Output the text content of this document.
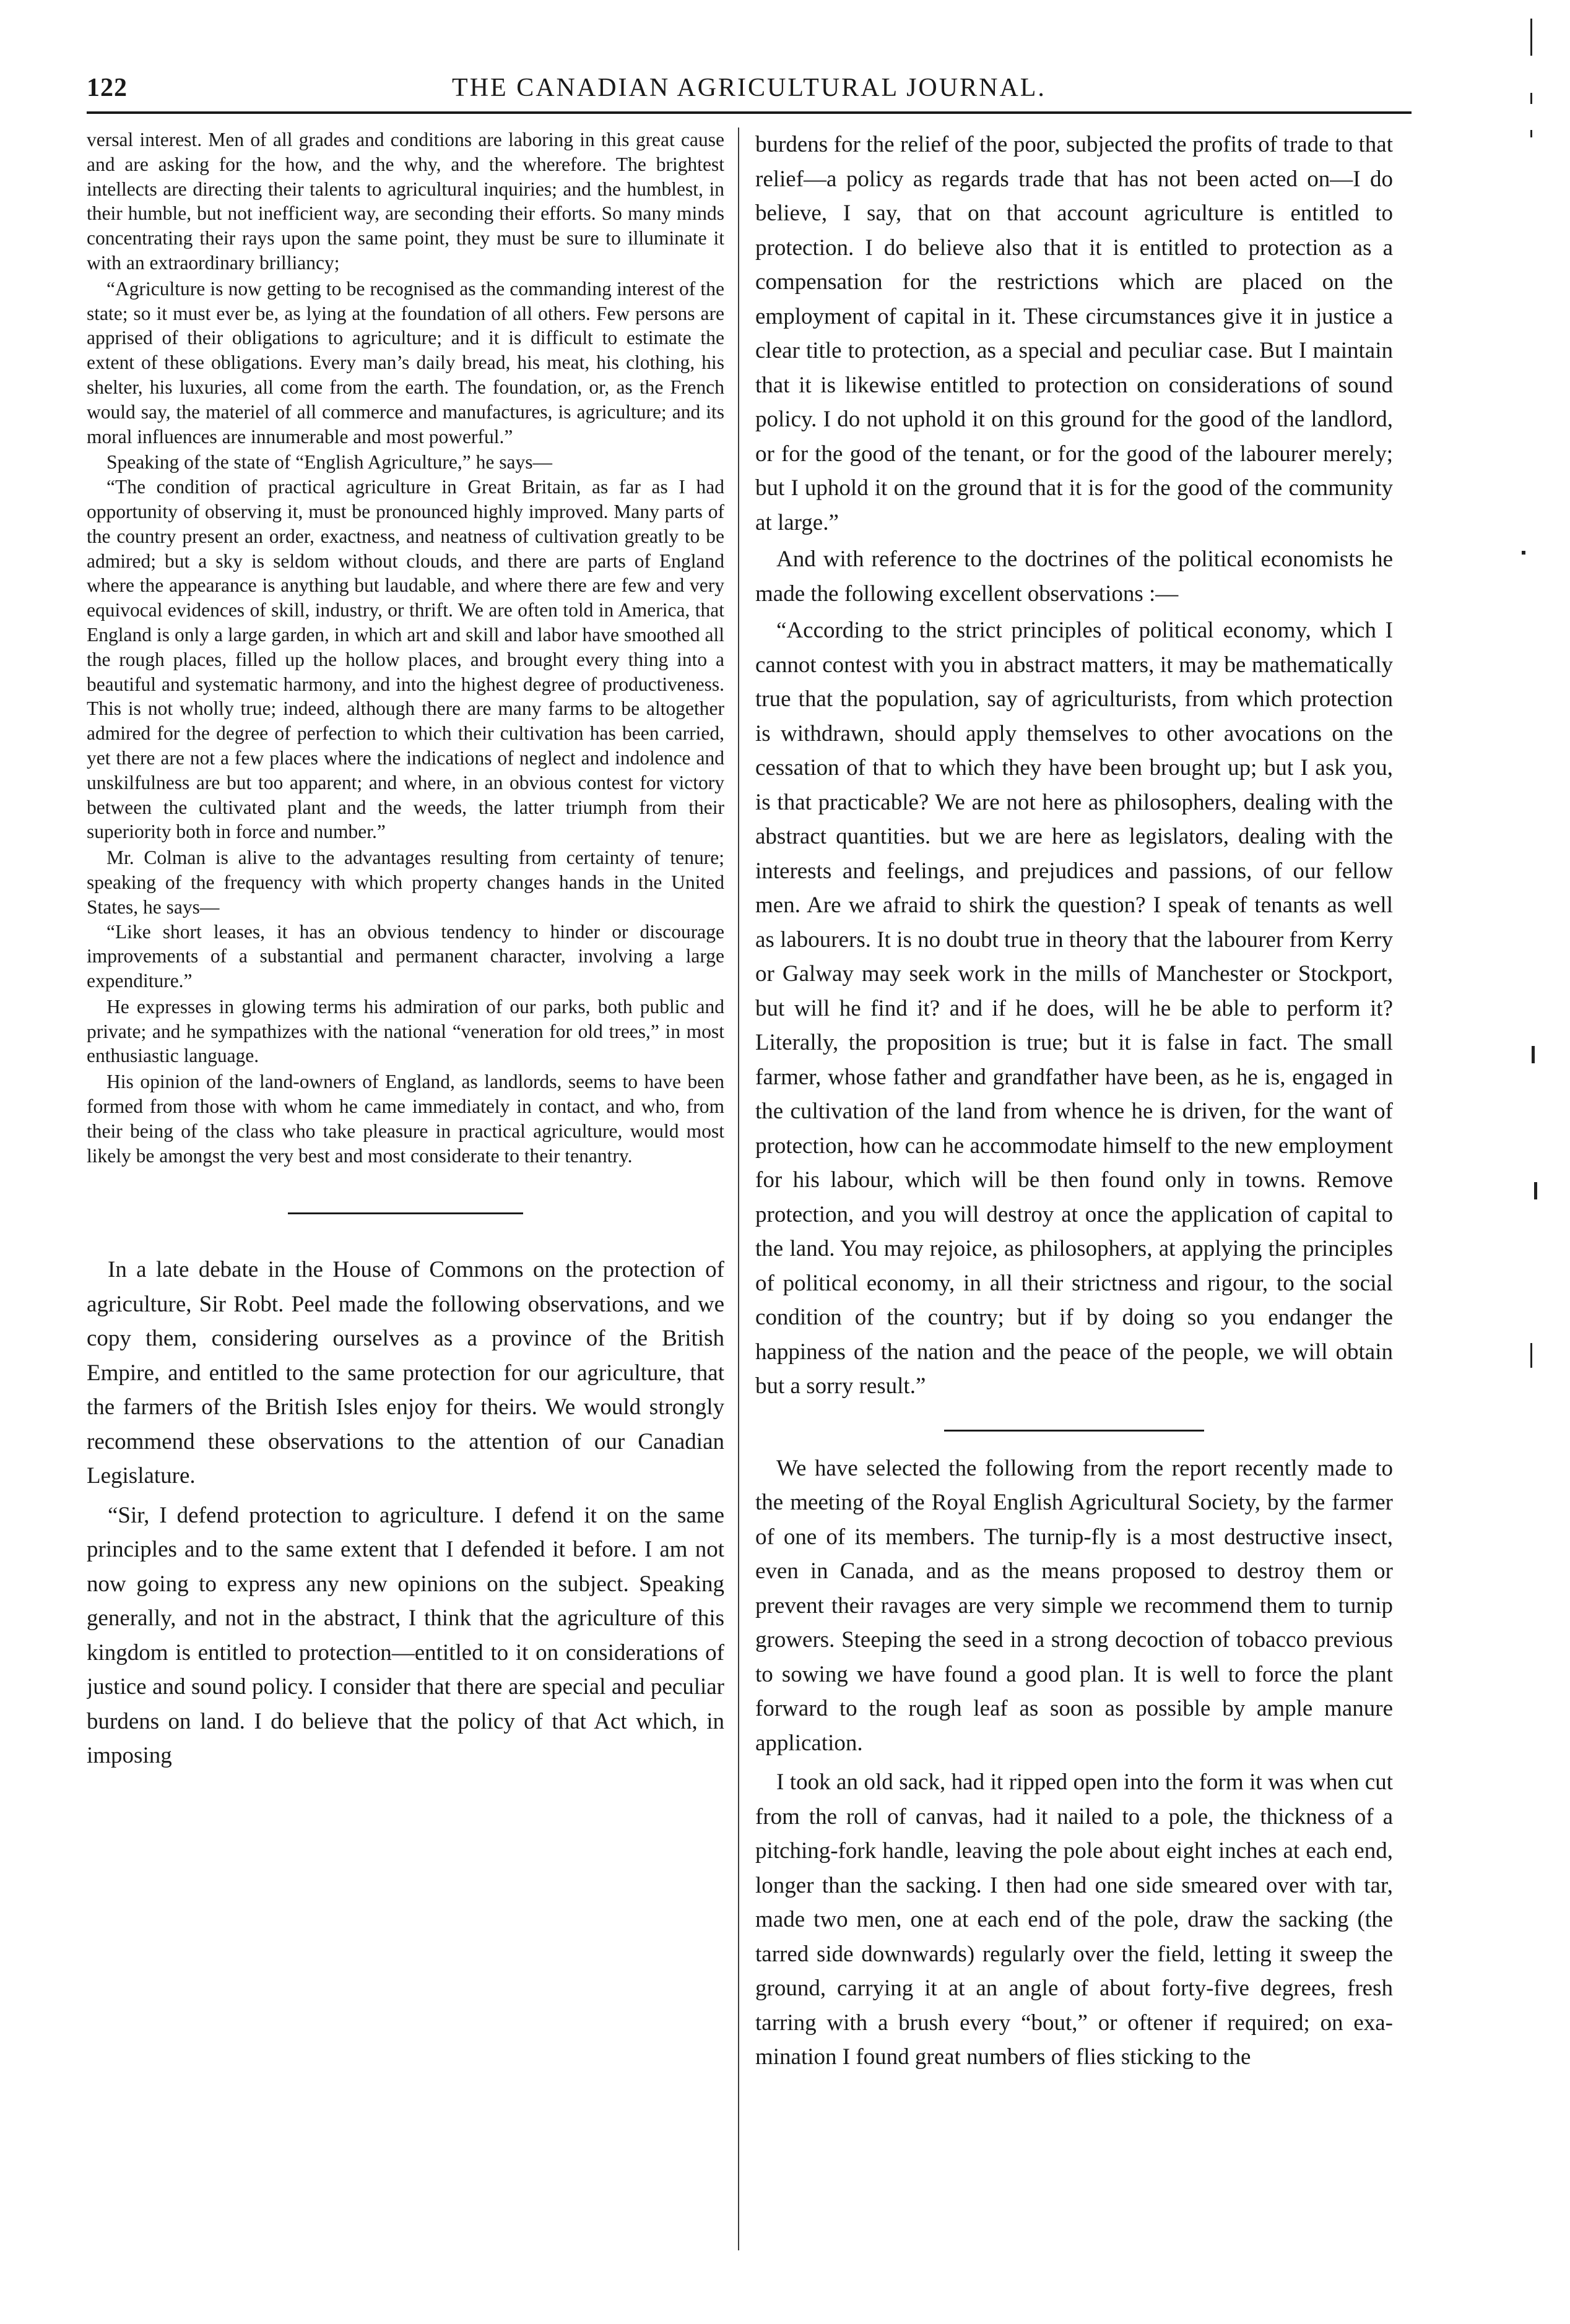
122	THE CANADIAN AGRICULTURAL JOURNAL.

versal interest. Men of all grades and conditions are laboring in this great cause and are asking for the how, and the why, and the wherefore. The brightest intellects are directing their talents to agricultural inquiries; and the humblest, in their humble, but not inefficient way, are seconding their efforts. So many minds concentrating their rays upon the same point, they must be sure to illuminate it with an extraordinary brilliancy;

“Agriculture is now getting to be recognised as the commanding interest of the state; so it must ever be, as lying at the foundation of all others. Few persons are apprised of their obligations to agriculture; and it is difficult to estimate the extent of these obligations. Every man’s daily bread, his meat, his clothing, his shelter, his luxuries, all come from the earth. The foundation, or, as the French would say, the materiel of all commerce and manufactures, is agriculture; and its moral influences are innumerable and most powerful.”

Speaking of the state of “English Agriculture,” he says—

“The condition of practical agriculture in Great Britain, as far as I had opportunity of observing it, must be pronounced highly improved. Many parts of the country present an order, exactness, and neatness of cultivation greatly to be admired; but a sky is seldom without clouds, and there are parts of England where the appearance is anything but laudable, and where there are few and very equivocal evidences of skill, industry, or thrift. We are often told in America, that England is only a large garden, in which art and skill and labor have smoothed all the rough places, filled up the hollow places, and brought every thing into a beautiful and systematic harmony, and into the highest degree of productiveness. This is not wholly true; indeed, although there are many farms to be altogether admired for the degree of perfection to which their cultivation has been carried, yet there are not a few places where the indications of neglect and indolence and unskilfulness are but too apparent; and where, in an obvious contest for victory between the cultivated plant and the weeds, the latter triumph from their superiority both in force and number.”

Mr. Colman is alive to the advantages resulting from certainty of tenure; speaking of the frequency with which property changes hands in the United States, he says—

“Like short leases, it has an obvious tendency to hinder or discourage improvements of a substantial and permanent character, involving a large expenditure.”

He expresses in glowing terms his admiration of our parks, both public and private; and he sympathizes with the national “veneration for old trees,” in most enthusiastic language.

His opinion of the land-owners of England, as landlords, seems to have been formed from those with whom he came immediately in contact, and who, from their being of the class who take pleasure in practical agriculture, would most likely be amongst the very best and most considerate to their tenantry.

In a late debate in the House of Commons on the protection of agriculture, Sir Robt. Peel made the following observations, and we copy them, considering ourselves as a province of the British Empire, and entitled to the same protection for our agriculture, that the farmers of the British Isles enjoy for theirs. We would strongly recommend these observations to the attention of our Canadian Legislature.

“Sir, I defend protection to agriculture. I defend it on the same principles and to the same extent that I defended it before. I am not now going to express any new opinions on the subject. Speaking generally, and not in the abstract, I think that the agriculture of this kingdom is entitled to protection—entitled to it on considerations of justice and sound policy. I consider that there are special and peculiar burdens on land. I do believe that the policy of that Act which, in imposing

burdens for the relief of the poor, subjected the profits of trade to that relief—a policy as regards trade that has not been acted on—I do believe, I say, that on that account agriculture is entitled to protection. I do believe also that it is entitled to protection as a compensation for the restrictions which are placed on the employment of capital in it. These circumstances give it in justice a clear title to protection, as a special and peculiar case. But I maintain that it is likewise entitled to protection on considerations of sound policy. I do not uphold it on this ground for the good of the landlord, or for the good of the tenant, or for the good of the labourer merely; but I uphold it on the ground that it is for the good of the community at large.”

And with reference to the doctrines of the political economists he made the following excellent observations :—

“According to the strict principles of political economy, which I cannot contest with you in abstract matters, it may be mathematically true that the population, say of agriculturists, from which protection is withdrawn, should apply themselves to other avocations on the cessation of that to which they have been brought up; but I ask you, is that practicable? We are not here as philosophers, dealing with the abstract quantities. but we are here as legislators, dealing with the interests and feelings, and prejudices and passions, of our fellow men. Are we afraid to shirk the question? I speak of tenants as well as labourers. It is no doubt true in theory that the labourer from Kerry or Galway may seek work in the mills of Manchester or Stockport, but will he find it? and if he does, will he be able to perform it? Literally, the proposition is true; but it is false in fact. The small farmer, whose father and grandfather have been, as he is, engaged in the cultivation of the land from whence he is driven, for the want of protection, how can he accommodate himself to the new employment for his labour, which will be then found only in towns. Remove protection, and you will destroy at once the application of capital to the land. You may rejoice, as philosophers, at applying the principles of political economy, in all their strictness and rigour, to the social condition of the country; but if by doing so you endanger the happiness of the nation and the peace of the people, we will obtain but a sorry result.”

We have selected the following from the report recently made to the meeting of the Royal English Agricultural Society, by the farmer of one of its members. The turnip-fly is a most destructive insect, even in Canada, and as the means proposed to destroy them or prevent their ravages are very simple we recommend them to turnip growers. Steeping the seed in a strong decoction of tobacco previous to sowing we have found a good plan. It is well to force the plant forward to the rough leaf as soon as possible by ample manure application.

I took an old sack, had it ripped open into the form it was when cut from the roll of canvas, had it nailed to a pole, the thickness of a pitching-fork handle, leaving the pole about eight inches at each end, longer than the sacking. I then had one side smeared over with tar, made two men, one at each end of the pole, draw the sacking (the tarred side downwards) regularly over the field, letting it sweep the ground, carrying it at an angle of about forty-five degrees, fresh tarring with a brush every “bout,” or oftener if required; on examination I found great numbers of flies sticking to the
